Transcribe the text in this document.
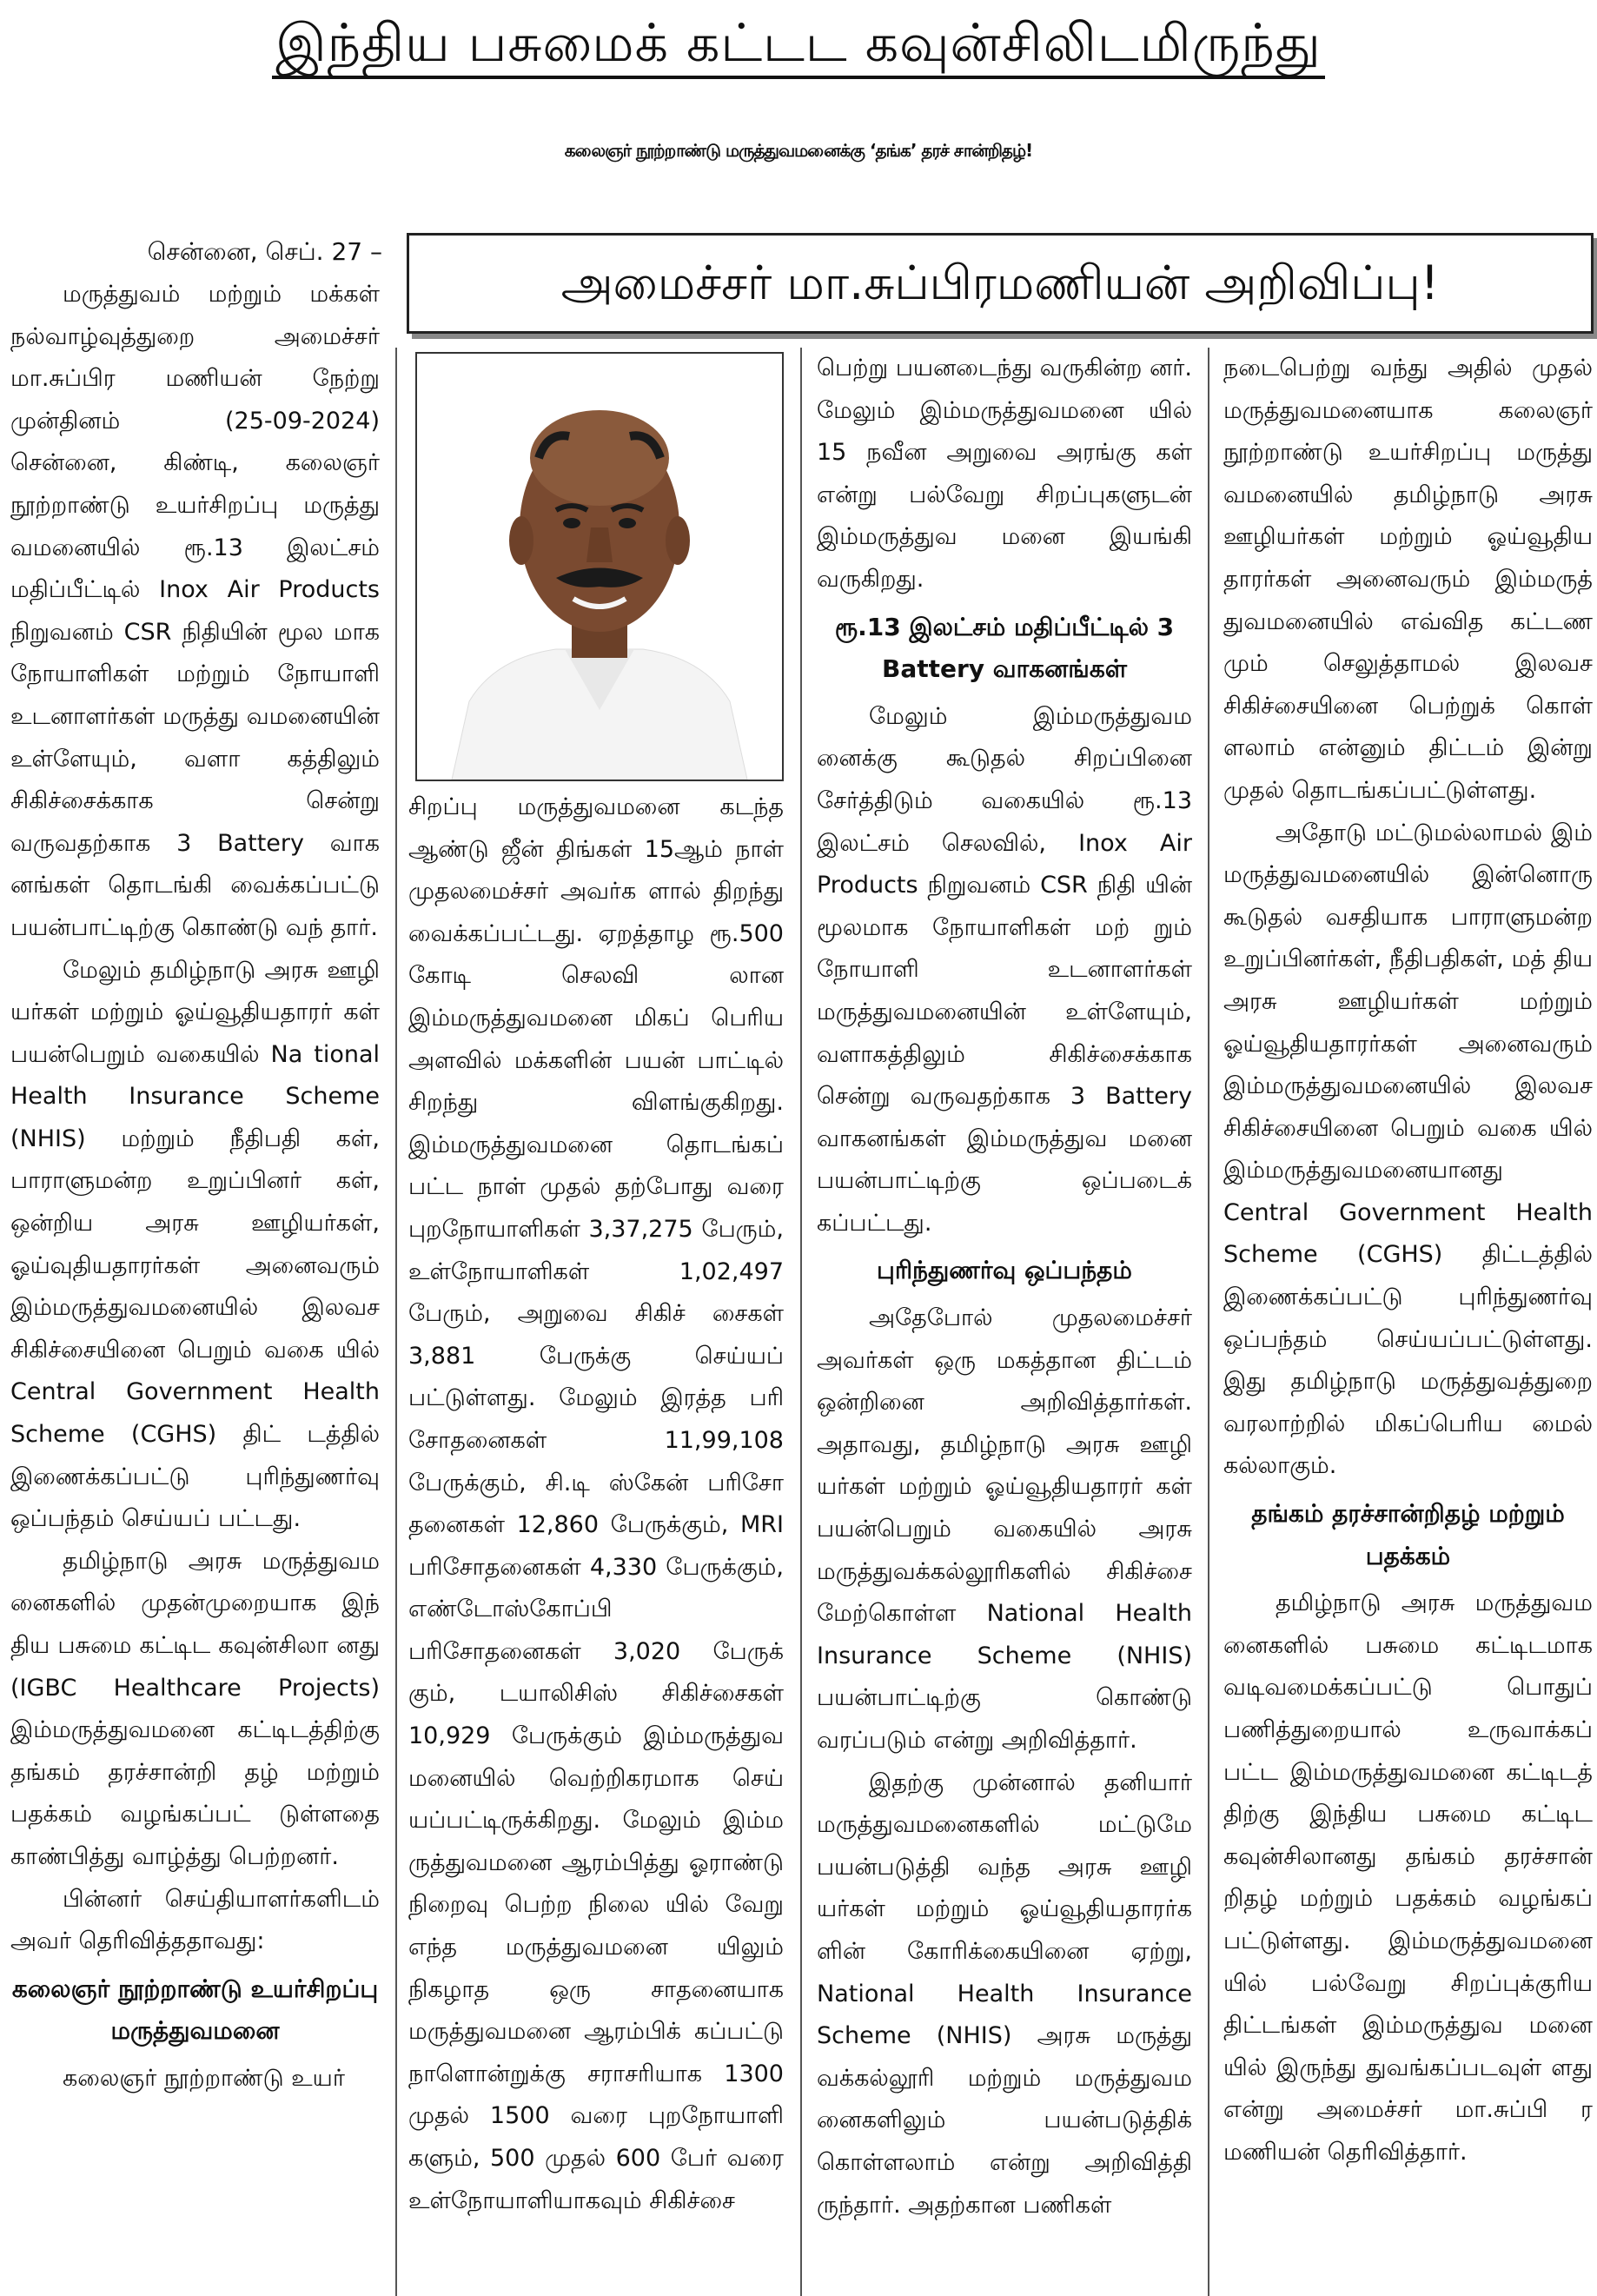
இந்திய பசுமைக் கட்டட கவுன்சிலிடமிருந்து
கலைஞர் நூற்றாண்டு மருத்துவமனைக்கு ‘தங்க’ தரச் சான்றிதழ்!
சென்னை, செப். 27 –
அமைச்சர் மா.சுப்பிரமணியன் அறிவிப்பு!

மருத்துவம் மற்றும் மக்கள் நல்வாழ்வுத்துறை அமைச்சர் மா.சுப்பிர மணியன் நேற்று முன்தினம் (25-09-2024) சென்னை, கிண்டி, கலைஞர் நூற்றாண்டு உயர்சிறப்பு மருத்து வமனையில் ரூ.13 இலட்சம் மதிப்பீட்டில் Inox Air Products நிறுவனம் CSR நிதியின் மூல மாக நோயாளிகள் மற்றும் நோயாளி உடனாளர்கள் மருத்து வமனையின் உள்ளேயும், வளா கத்திலும் சிகிச்சைக்காக சென்று வருவதற்காக 3 Battery வாக னங்கள் தொடங்கி வைக்கப்பட்டு பயன்பாட்டிற்கு கொண்டு வந் தார்.

மேலும் தமிழ்நாடு அரசு ஊழி யர்கள் மற்றும் ஓய்வூதியதாரர் கள் பயன்பெறும் வகையில் Na tional Health Insurance Scheme (NHIS) மற்றும் நீதிபதி கள், பாராளுமன்ற உறுப்பினர் கள், ஒன்றிய அரசு ஊழியர்கள், ஓய்வுதியதாரர்கள் அனைவரும் இம்மருத்துவமனையில் இலவச சிகிச்சையினை பெறும் வகை யில் Central Government Health Scheme (CGHS) திட் டத்தில் இணைக்கப்பட்டு புரிந்துணர்வு ஒப்பந்தம் செய்யப் பட்டது.

தமிழ்நாடு அரசு மருத்துவம னைகளில் முதன்முறையாக இந் திய பசுமை கட்டிட கவுன்சிலா னது (IGBC Healthcare Projects) இம்மருத்துவமனை கட்டிடத்திற்கு தங்கம் தரச்சான்றி தழ் மற்றும் பதக்கம் வழங்கப்பட் டுள்ளதை காண்பித்து வாழ்த்து பெற்றனர்.

பின்னர் செய்தியாளர்களிடம் அவர் தெரிவித்ததாவது:

கலைஞர் நூற்றாண்டு உயர்சிறப்பு மருத்துவமனை

கலைஞர் நூற்றாண்டு உயர்

சிறப்பு மருத்துவமனை கடந்த ஆண்டு ஜீன் திங்கள் 15ஆம் நாள் முதலமைச்சர் அவர்க ளால் திறந்து வைக்கப்பட்டது. ஏறத்தாழ ரூ.500 கோடி செலவி லான இம்மருத்துவமனை மிகப் பெரிய அளவில் மக்களின் பயன் பாட்டில் சிறந்து விளங்குகிறது. இம்மருத்துவமனை தொடங்கப் பட்ட நாள் முதல் தற்போது வரை புறநோயாளிகள் 3,37,275 பேரும், உள்நோயாளிகள் 1,02,497 பேரும், அறுவை சிகிச் சைகள் 3,881 பேருக்கு செய்யப் பட்டுள்ளது. மேலும் இரத்த பரி சோதனைகள் 11,99,108 பேருக்கும், சி.டி ஸ்கேன் பரிசோ தனைகள் 12,860 பேருக்கும், MRI பரிசோதனைகள் 4,330 பேருக்கும், எண்டோஸ்கோப்பி பரிசோதனைகள் 3,020 பேருக் கும், டயாலிசிஸ் சிகிச்சைகள் 10,929 பேருக்கும் இம்மருத்துவ மனையில் வெற்றிகரமாக செய் யப்பட்டிருக்கிறது. மேலும் இம்ம ருத்துவமனை ஆரம்பித்து ஓராண்டு நிறைவு பெற்ற நிலை யில் வேறு எந்த மருத்துவமனை யிலும் நிகழாத ஒரு சாதனையாக மருத்துவமனை ஆரம்பிக் கப்பட்டு நாளொன்றுக்கு சராசரியாக 1300 முதல் 1500 வரை புறநோயாளி களும், 500 முதல் 600 பேர் வரை உள்நோயாளியாகவும் சிகிச்சை

பெற்று பயனடைந்து வருகின்ற னர். மேலும் இம்மருத்துவமனை யில் 15 நவீன அறுவை அரங்கு கள் என்று பல்வேறு சிறப்புகளுடன் இம்மருத்துவ மனை இயங்கி வருகிறது.

ரூ.13 இலட்சம் மதிப்பீட்டில் 3 Battery வாகனங்கள்

மேலும் இம்மருத்துவம னைக்கு கூடுதல் சிறப்பினை சேர்த்திடும் வகையில் ரூ.13 இலட்சம் செலவில், Inox Air Products நிறுவனம் CSR நிதி யின் மூலமாக நோயாளிகள் மற் றும் நோயாளி உடனாளர்கள் மருத்துவமனையின் உள்ளேயும், வளாகத்திலும் சிகிச்சைக்காக சென்று வருவதற்காக 3 Battery வாகனங்கள் இம்மருத்துவ மனை பயன்பாட்டிற்கு ஒப்படைக் கப்பட்டது.

புரிந்துணர்வு ஒப்பந்தம்

அதேபோல் முதலமைச்சர் அவர்கள் ஒரு மகத்தான திட்டம் ஒன்றினை அறிவித்தார்கள். அதாவது, தமிழ்நாடு அரசு ஊழி யர்கள் மற்றும் ஓய்வூதியதாரர் கள் பயன்பெறும் வகையில் அரசு மருத்துவக்கல்லூரிகளில் சிகிச்சை மேற்கொள்ள National Health Insurance Scheme (NHIS) பயன்பாட்டிற்கு கொண்டு வரப்படும் என்று அறிவித்தார்.

இதற்கு முன்னால் தனியார் மருத்துவமனைகளில் மட்டுமே பயன்படுத்தி வந்த அரசு ஊழி யர்கள் மற்றும் ஓய்வூதியதாரர்க ளின் கோரிக்கையினை ஏற்று, National Health Insurance Scheme (NHIS) அரசு மருத்து வக்கல்லூரி மற்றும் மருத்துவம னைகளிலும் பயன்படுத்திக் கொள்ளலாம் என்று அறிவித்தி ருந்தார். அதற்கான பணிகள்

நடைபெற்று வந்து அதில் முதல் மருத்துவமனையாக கலைஞர் நூற்றாண்டு உயர்சிறப்பு மருத்து வமனையில் தமிழ்நாடு அரசு ஊழியர்கள் மற்றும் ஓய்வூதிய தாரர்கள் அனைவரும் இம்மருத் துவமனையில் எவ்வித கட்டண மும் செலுத்தாமல் இலவச சிகிச்சையினை பெற்றுக் கொள் ளலாம் என்னும் திட்டம் இன்று முதல் தொடங்கப்பட்டுள்ளது.

அதோடு மட்டுமல்லாமல் இம் மருத்துவமனையில் இன்னொரு கூடுதல் வசதியாக பாராளுமன்ற உறுப்பினர்கள், நீதிபதிகள், மத் திய அரசு ஊழியர்கள் மற்றும் ஓய்வூதியதாரர்கள் அனைவரும் இம்மருத்துவமனையில் இலவச சிகிச்சையினை பெறும் வகை யில் இம்மருத்துவமனையானது Central Government Health Scheme (CGHS) திட்டத்தில் இணைக்கப்பட்டு புரிந்துணர்வு ஒப்பந்தம் செய்யப்பட்டுள்ளது. இது தமிழ்நாடு மருத்துவத்துறை வரலாற்றில் மிகப்பெரிய மைல் கல்லாகும்.

தங்கம் தரச்சான்றிதழ் மற்றும் பதக்கம்

தமிழ்நாடு அரசு மருத்துவம னைகளில் பசுமை கட்டிடமாக வடிவமைக்கப்பட்டு பொதுப் பணித்துறையால் உருவாக்கப் பட்ட இம்மருத்துவமனை கட்டிடத் திற்கு இந்திய பசுமை கட்டிட கவுன்சிலானது தங்கம் தரச்சான் றிதழ் மற்றும் பதக்கம் வழங்கப் பட்டுள்ளது. இம்மருத்துவமனை யில் பல்வேறு சிறப்புக்குரிய திட்டங்கள் இம்மருத்துவ மனை யில் இருந்து துவங்கப்படவுள் ளது என்று அமைச்சர் மா.சுப்பி ர மணியன் தெரிவித்தார்.
